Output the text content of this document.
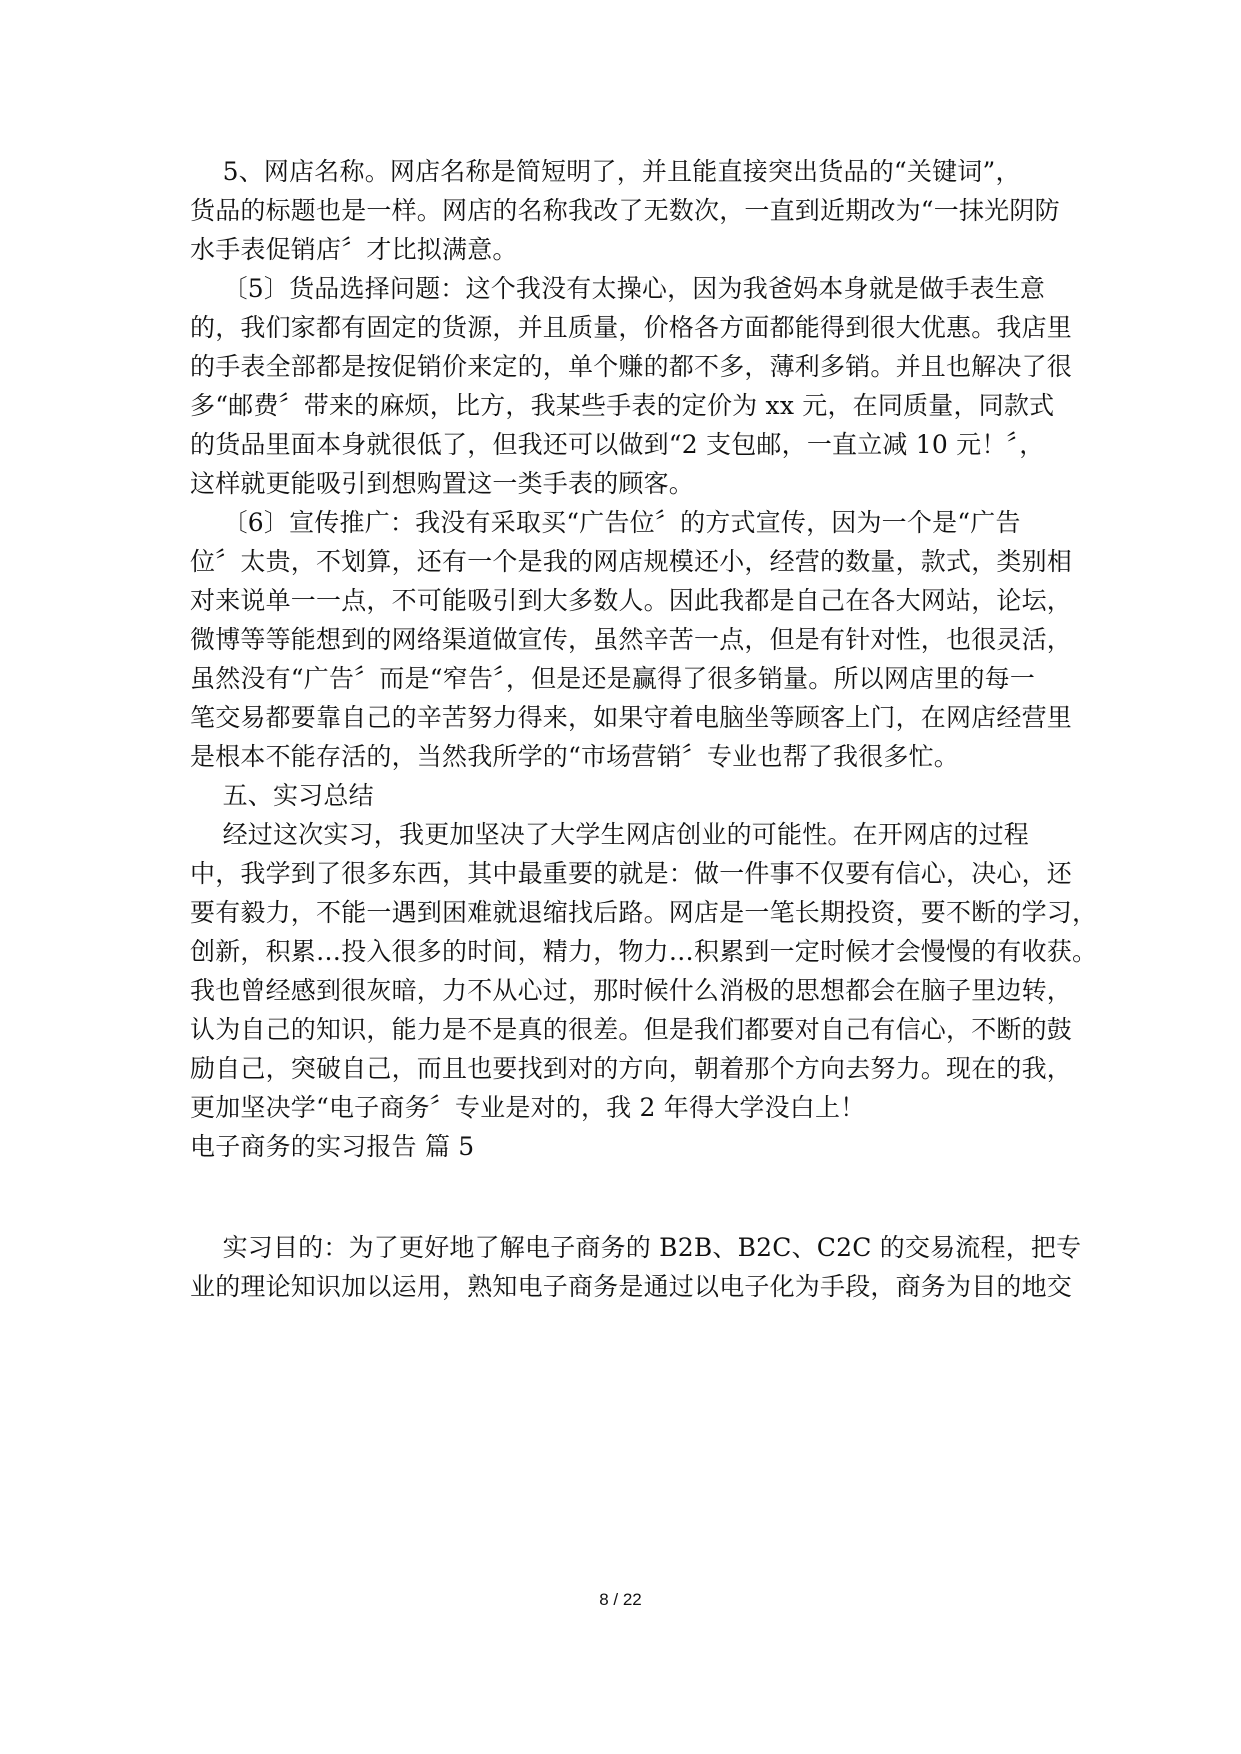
5、网店名称。网店名称是简短明了，并且能直接突出货品的“关键词”，
货品的标题也是一样。网店的名称我改了无数次，一直到近期改为“一抹光阴防
水手表促销店〞才比拟满意。
〔5〕货品选择问题：这个我没有太操心，因为我爸妈本身就是做手表生意
的，我们家都有固定的货源，并且质量，价格各方面都能得到很大优惠。我店里
的手表全部都是按促销价来定的，单个赚的都不多，薄利多销。并且也解决了很
多“邮费〞带来的麻烦，比方，我某些手表的定价为 xx 元，在同质量，同款式
的货品里面本身就很低了，但我还可以做到“2 支包邮，一直立减 10 元！〞，
这样就更能吸引到想购置这一类手表的顾客。
〔6〕宣传推广：我没有采取买“广告位〞的方式宣传，因为一个是“广告
位〞太贵，不划算，还有一个是我的网店规模还小，经营的数量，款式，类别相
对来说单一一点，不可能吸引到大多数人。因此我都是自己在各大网站，论坛，
微博等等能想到的网络渠道做宣传，虽然辛苦一点，但是有针对性，也很灵活，
虽然没有“广告〞而是“窄告〞，但是还是赢得了很多销量。所以网店里的每一
笔交易都要靠自己的辛苦努力得来，如果守着电脑坐等顾客上门，在网店经营里
是根本不能存活的，当然我所学的“市场营销〞专业也帮了我很多忙。
五、实习总结
经过这次实习，我更加坚决了大学生网店创业的可能性。在开网店的过程
中，我学到了很多东西，其中最重要的就是：做一件事不仅要有信心，决心，还
要有毅力，不能一遇到困难就退缩找后路。网店是一笔长期投资，要不断的学习，
创新，积累…投入很多的时间，精力，物力…积累到一定时候才会慢慢的有收获。
我也曾经感到很灰暗，力不从心过，那时候什么消极的思想都会在脑子里边转，
认为自己的知识，能力是不是真的很差。但是我们都要对自己有信心，不断的鼓
励自己，突破自己，而且也要找到对的方向，朝着那个方向去努力。现在的我，
更加坚决学“电子商务〞专业是对的，我 2 年得大学没白上！
电子商务的实习报告 篇 5
实习目的：为了更好地了解电子商务的 B2B、B2C、C2C 的交易流程，把专
业的理论知识加以运用，熟知电子商务是通过以电子化为手段，商务为目的地交
8 / 22
